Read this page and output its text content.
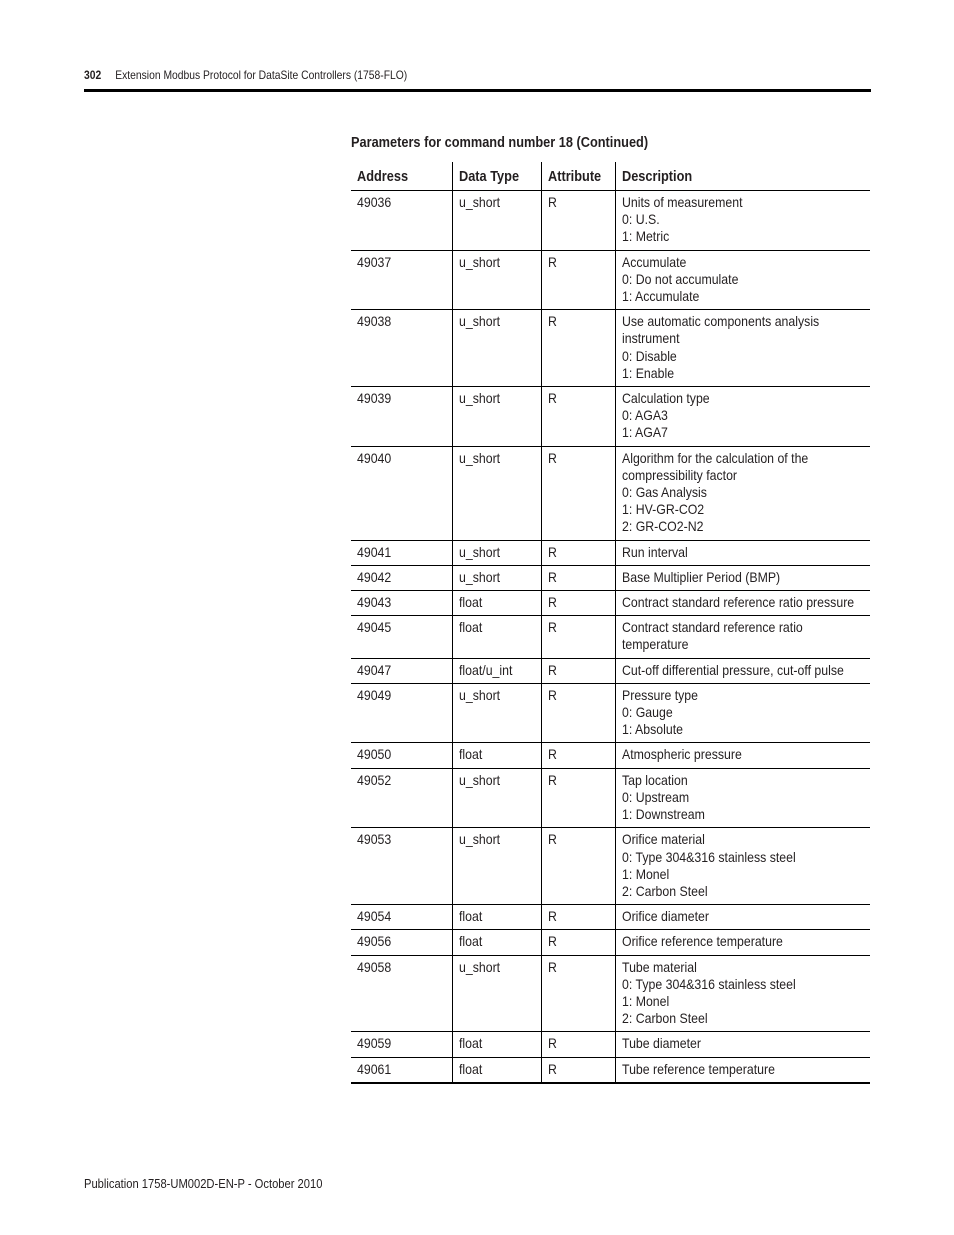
302 Extension Modbus Protocol for DataSite Controllers (1758-FLO)
Parameters for command number 18 (Continued)
Address	Data Type	Attribute	Description
49036	u_short	R	Units of measurement
0: U.S.
1: Metric

49037	u_short	R	Accumulate
0: Do not accumulate
1: Accumulate

49038	u_short	R	Use automatic components analysis
instrument
0: Disable
1: Enable

49039	u_short	R	Calculation type
0: AGA3
1: AGA7

49040	u_short	R	Algorithm for the calculation of the
compressibility factor
0: Gas Analysis
1: HV-GR-CO2
2: GR-CO2-N2

49041	u_short	R	Run interval

49042	u_short	R	Base Multiplier Period (BMP)

49043	float	R	Contract standard reference ratio pressure

49045	float	R	Contract standard reference ratio
temperature

49047	float/u_int	R	Cut-off differential pressure, cut-off pulse

49049	u_short	R	Pressure type
0: Gauge
1: Absolute

49050	float	R	Atmospheric pressure

49052	u_short	R	Tap location
0: Upstream
1: Downstream

49053	u_short	R	Orifice material
0: Type 304&316 stainless steel
1: Monel
2: Carbon Steel

49054	float	R	Orifice diameter

49056	float	R	Orifice reference temperature

49058	u_short	R	Tube material
0: Type 304&316 stainless steel
1: Monel
2: Carbon Steel

49059	float	R	Tube diameter

49061	float	R	Tube reference temperature
Publication 1758-UM002D-EN-P - October 2010
